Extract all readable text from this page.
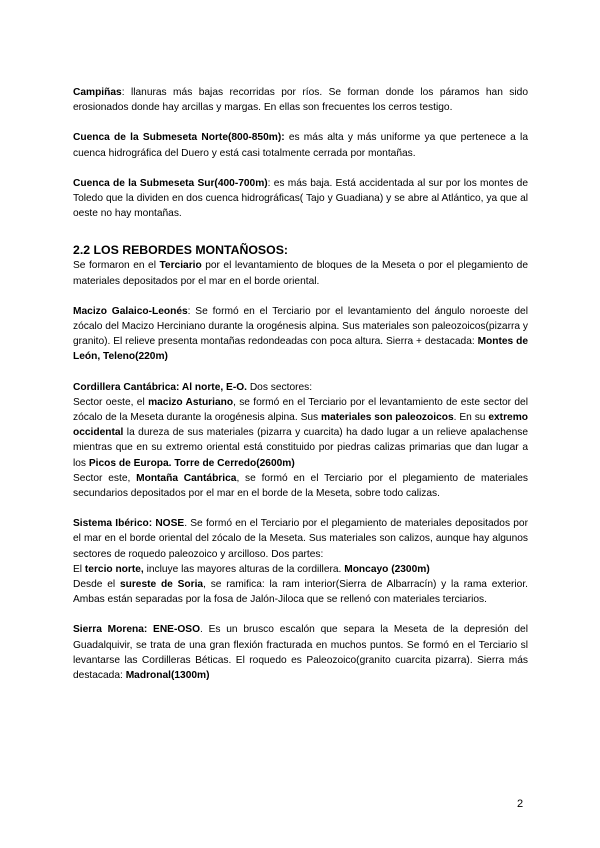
Campiñas: llanuras más bajas recorridas por ríos. Se forman donde los páramos han sido erosionados donde hay arcillas y margas. En ellas son frecuentes los cerros testigo.

Cuenca de la Submeseta Norte(800-850m): es más alta y más uniforme ya que pertenece a la cuenca hidrográfica del Duero y está casi totalmente cerrada por montañas.

Cuenca de la Submeseta Sur(400-700m): es más baja. Está accidentada al sur por los montes de Toledo que la dividen en dos cuenca hidrográficas( Tajo y Guadiana) y se abre al Atlántico, ya que al oeste no hay montañas.

2.2 LOS REBORDES MONTAÑOSOS:

Se formaron en el Terciario por el levantamiento de bloques de la Meseta o por el plegamiento de materiales depositados por el mar en el borde oriental.

Macizo Galaico-Leonés: Se formó en el Terciario por el levantamiento del ángulo noroeste del zócalo del Macizo Herciniano durante la orogénesis alpina. Sus materiales son paleozoicos(pizarra y granito). El relieve presenta montañas redondeadas con poca altura. Sierra + destacada: Montes de León, Teleno(220m)

Cordillera Cantábrica: Al norte, E-O. Dos sectores:

Sector oeste, el macizo Asturiano, se formó en el Terciario por el levantamiento de este sector del zócalo de la Meseta durante la orogénesis alpina. Sus materiales son paleozoicos. En su extremo occidental la dureza de sus materiales (pizarra y cuarcita) ha dado lugar a un relieve apalachense mientras que en su extremo oriental está constituido por piedras calizas primarias que dan lugar a los Picos de Europa. Torre de Cerredo(2600m)

Sector este, Montaña Cantábrica, se formó en el Terciario por el plegamiento de materiales secundarios depositados por el mar en el borde de la Meseta, sobre todo calizas.

Sistema Ibérico: NOSE. Se formó en el Terciario por el plegamiento de materiales depositados por el mar en el borde oriental del zócalo de la Meseta. Sus materiales son calizos, aunque hay algunos sectores de roquedo paleozoico y arcilloso. Dos partes:

El tercio norte, incluye las mayores alturas de la cordillera. Moncayo (2300m)

Desde el sureste de Soria, se ramifica: la ram interior(Sierra de Albarracín) y la rama exterior. Ambas están separadas por la fosa de Jalón-Jiloca que se rellenó con materiales terciarios.

Sierra Morena: ENE-OSO. Es un brusco escalón que separa la Meseta de la depresión del Guadalquivir, se trata de una gran flexión fracturada en muchos puntos. Se formó en el Terciario sl levantarse las Cordilleras Béticas. El roquedo es Paleozoico(granito cuarcita pizarra). Sierra más destacada: Madronal(1300m)

2
